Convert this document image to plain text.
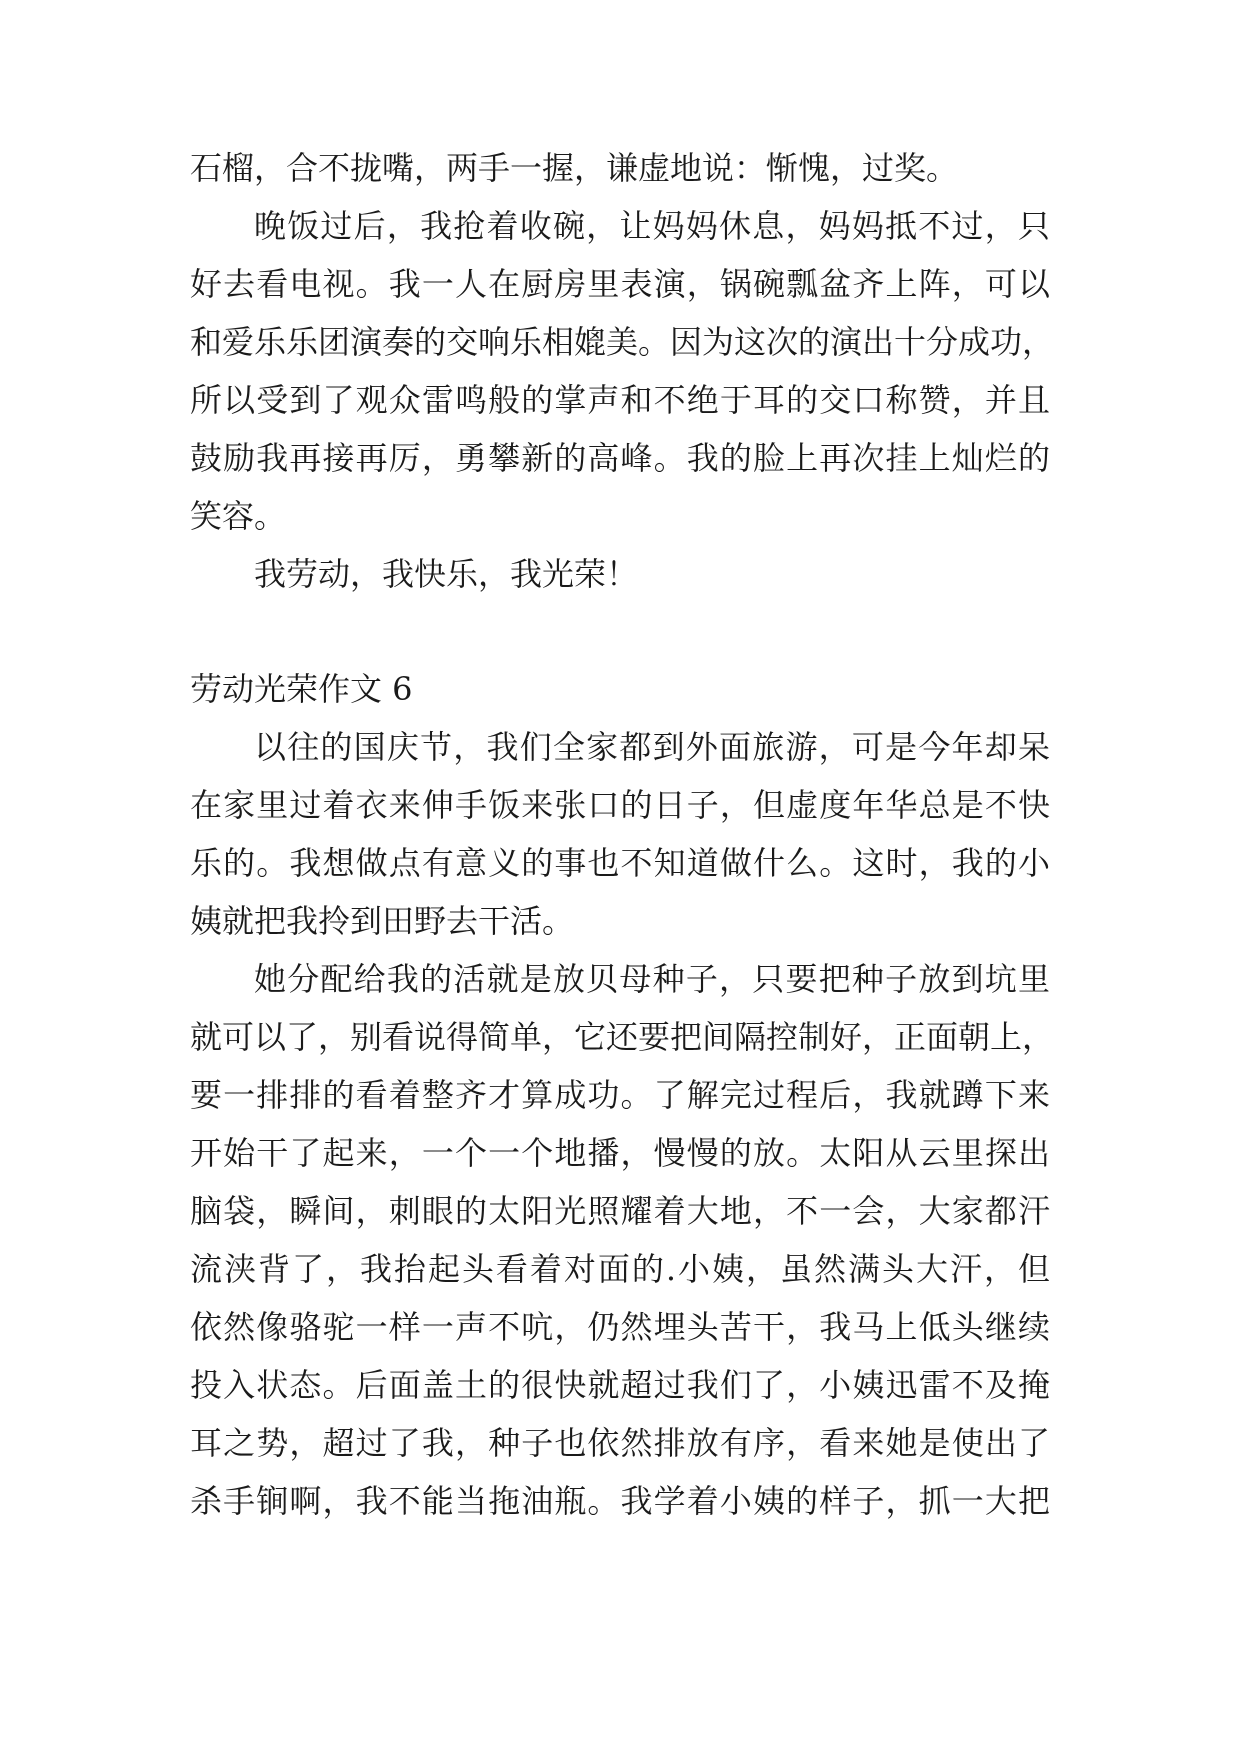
石榴，合不拢嘴，两手一握，谦虚地说：惭愧，过奖。
晚饭过后，我抢着收碗，让妈妈休息，妈妈抵不过，只
好去看电视。我一人在厨房里表演，锅碗瓢盆齐上阵，可以
和爱乐乐团演奏的交响乐相媲美。因为这次的演出十分成功，
所以受到了观众雷鸣般的掌声和不绝于耳的交口称赞，并且
鼓励我再接再厉，勇攀新的高峰。我的脸上再次挂上灿烂的
笑容。
我劳动，我快乐，我光荣！
劳动光荣作文 6
以往的国庆节，我们全家都到外面旅游，可是今年却呆
在家里过着衣来伸手饭来张口的日子，但虚度年华总是不快
乐的。我想做点有意义的事也不知道做什么。这时，我的小
姨就把我拎到田野去干活。
她分配给我的活就是放贝母种子，只要把种子放到坑里
就可以了，别看说得简单，它还要把间隔控制好，正面朝上，
要一排排的看着整齐才算成功。了解完过程后，我就蹲下来
开始干了起来，一个一个地播，慢慢的放。太阳从云里探出
脑袋，瞬间，刺眼的太阳光照耀着大地，不一会，大家都汗
流浃背了，我抬起头看着对面的.小姨，虽然满头大汗，但
依然像骆驼一样一声不吭，仍然埋头苦干，我马上低头继续
投入状态。后面盖土的很快就超过我们了，小姨迅雷不及掩
耳之势，超过了我，种子也依然排放有序，看来她是使出了
杀手锏啊，我不能当拖油瓶。我学着小姨的样子，抓一大把
